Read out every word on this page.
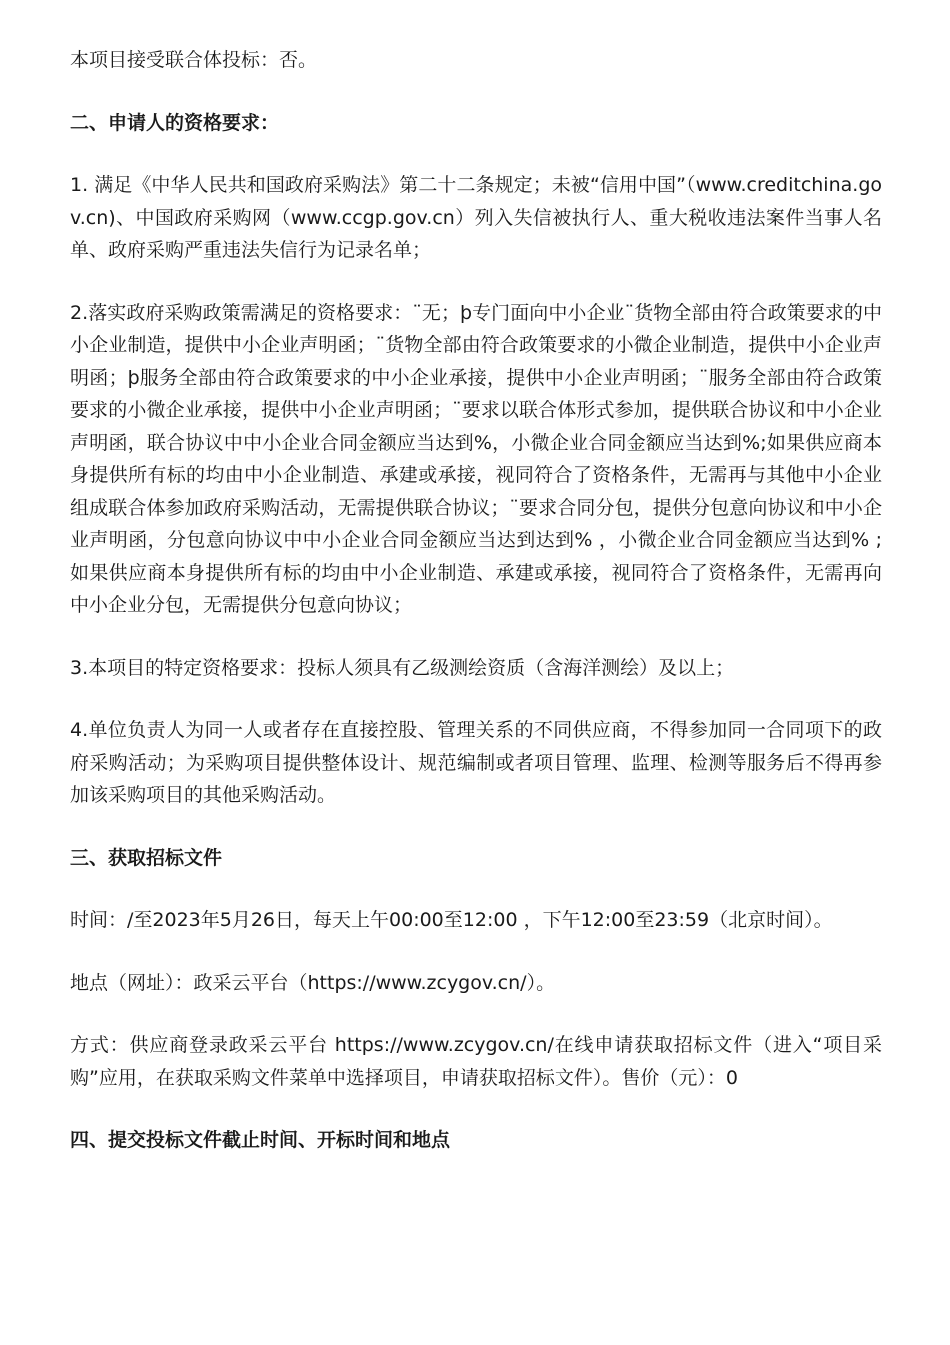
本项目接受联合体投标：否。

二、申请人的资格要求：

1. 满足《中华人民共和国政府采购法》第二十二条规定；未被“信用中国”（www.creditchina.gov.cn)、中国政府采购网（www.ccgp.gov.cn）列入失信被执行人、重大税收违法案件当事人名单、政府采购严重违法失信行为记录名单；

2.落实政府采购政策需满足的资格要求：¨无；þ专门面向中小企业¨货物全部由符合政策要求的中小企业制造，提供中小企业声明函；¨货物全部由符合政策要求的小微企业制造，提供中小企业声明函；þ服务全部由符合政策要求的中小企业承接，提供中小企业声明函；¨服务全部由符合政策要求的小微企业承接，提供中小企业声明函；¨要求以联合体形式参加，提供联合协议和中小企业声明函，联合协议中中小企业合同金额应当达到%，小微企业合同金额应当达到%;如果供应商本身提供所有标的均由中小企业制造、承建或承接，视同符合了资格条件，无需再与其他中小企业组成联合体参加政府采购活动，无需提供联合协议；¨要求合同分包，提供分包意向协议和中小企业声明函，分包意向协议中中小企业合同金额应当达到达到% ，小微企业合同金额应当达到% ;如果供应商本身提供所有标的均由中小企业制造、承建或承接，视同符合了资格条件，无需再向中小企业分包，无需提供分包意向协议；

3.本项目的特定资格要求：投标人须具有乙级测绘资质（含海洋测绘）及以上；

4.单位负责人为同一人或者存在直接控股、管理关系的不同供应商，不得参加同一合同项下的政府采购活动；为采购项目提供整体设计、规范编制或者项目管理、监理、检测等服务后不得再参加该采购项目的其他采购活动。

三、获取招标文件

时间：/至2023年5月26日，每天上午00:00至12:00 ，下午12:00至23:59（北京时间）。

地点（网址）：政采云平台（https://www.zcygov.cn/）。

方式：供应商登录政采云平台 https://www.zcygov.cn/在线申请获取招标文件（进入“项目采购”应用，在获取采购文件菜单中选择项目，申请获取招标文件）。售价（元）：0

四、提交投标文件截止时间、开标时间和地点
